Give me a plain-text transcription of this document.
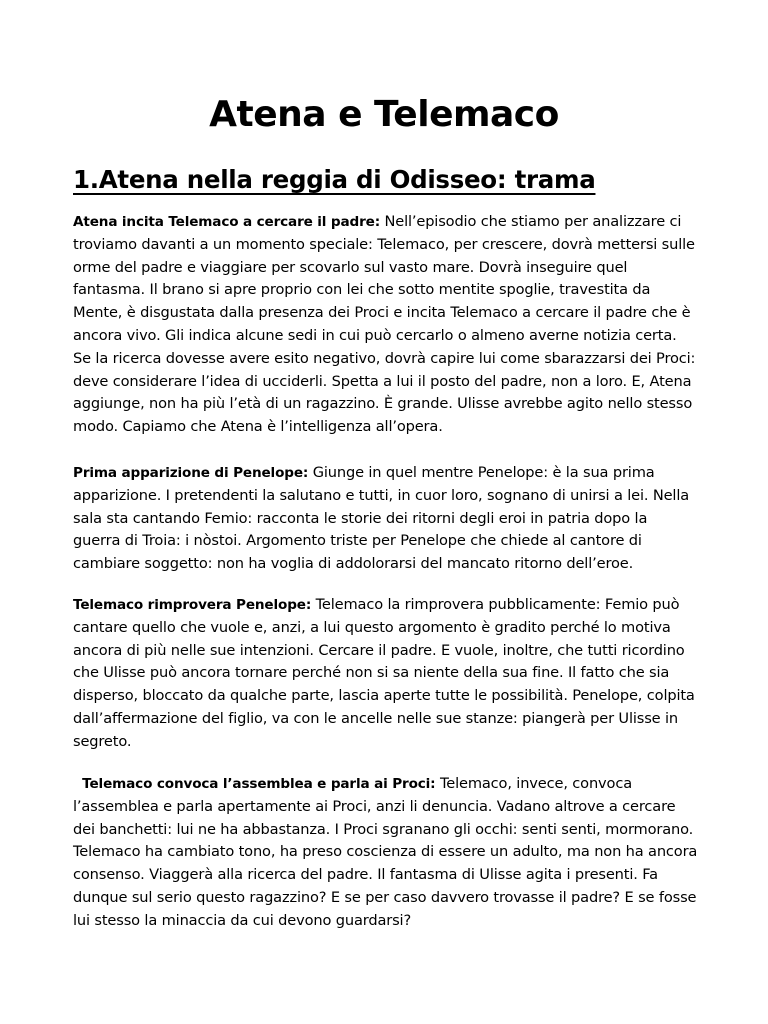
Atena e Telemaco
1.Atena nella reggia di Odisseo: trama

Atena incita Telemaco a cercare il padre: Nell’episodio che stiamo per analizzare ci troviamo davanti a un momento speciale: Telemaco, per crescere, dovrà mettersi sulle orme del padre e viaggiare per scovarlo sul vasto mare. Dovrà inseguire quel fantasma. Il brano si apre proprio con lei che sotto mentite spoglie, travestita da Mente, è disgustata dalla presenza dei Proci e incita Telemaco a cercare il padre che è ancora vivo. Gli indica alcune sedi in cui può cercarlo o almeno averne notizia certa. Se la ricerca dovesse avere esito negativo, dovrà capire lui come sbarazzarsi dei Proci: deve considerare l’idea di ucciderli. Spetta a lui il posto del padre, non a loro. E, Atena aggiunge, non ha più l’età di un ragazzino. È grande. Ulisse avrebbe agito nello stesso modo. Capiamo che Atena è l’intelligenza all’opera.

Prima apparizione di Penelope: Giunge in quel mentre Penelope: è la sua prima apparizione. I pretendenti la salutano e tutti, in cuor loro, sognano di unirsi a lei. Nella sala sta cantando Femio: racconta le storie dei ritorni degli eroi in patria dopo la guerra di Troia: i nòstoi. Argomento triste per Penelope che chiede al cantore di cambiare soggetto: non ha voglia di addolorarsi del mancato ritorno dell’eroe.

Telemaco rimprovera Penelope: Telemaco la rimprovera pubblicamente: Femio può cantare quello che vuole e, anzi, a lui questo argomento è gradito perché lo motiva ancora di più nelle sue intenzioni. Cercare il padre. E vuole, inoltre, che tutti ricordino che Ulisse può ancora tornare perché non si sa niente della sua fine. Il fatto che sia disperso, bloccato da qualche parte, lascia aperte tutte le possibilità. Penelope, colpita dall’affermazione del figlio, va con le ancelle nelle sue stanze: piangerà per Ulisse in segreto.

Telemaco convoca l’assemblea e parla ai Proci: Telemaco, invece, convoca l’assemblea e parla apertamente ai Proci, anzi li denuncia. Vadano altrove a cercare dei banchetti: lui ne ha abbastanza. I Proci sgranano gli occhi: senti senti, mormorano. Telemaco ha cambiato tono, ha preso coscienza di essere un adulto, ma non ha ancora consenso. Viaggerà alla ricerca del padre. Il fantasma di Ulisse agita i presenti. Fa dunque sul serio questo ragazzino? E se per caso davvero trovasse il padre? E se fosse lui stesso la minaccia da cui devono guardarsi?
